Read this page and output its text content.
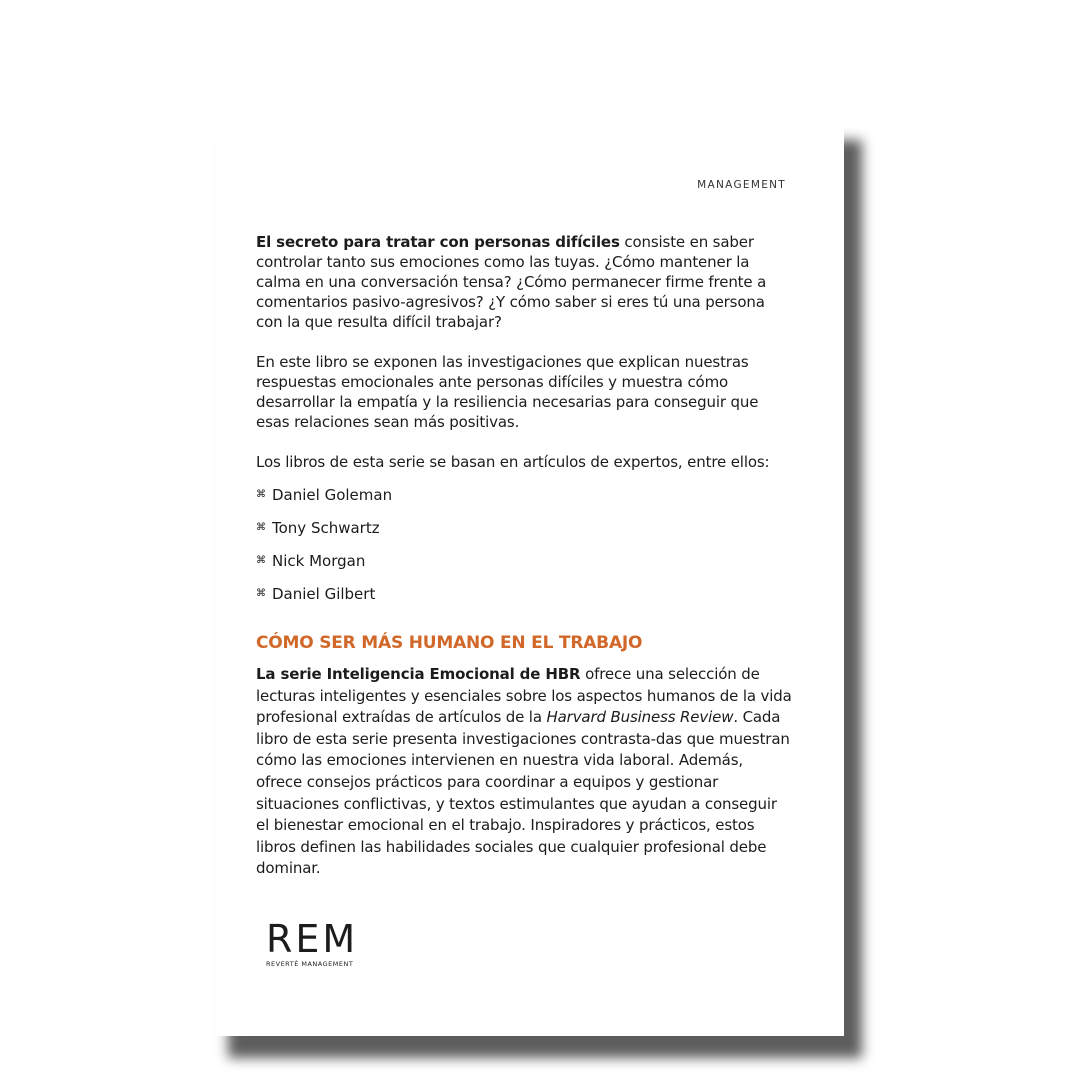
MANAGEMENT

El secreto para tratar con personas difíciles consiste en saber controlar tanto sus emociones como las tuyas. ¿Cómo mantener la calma en una conversación tensa? ¿Cómo permanecer firme frente a comentarios pasivo-agresivos? ¿Y cómo saber si eres tú una persona con la que resulta difícil trabajar?

En este libro se exponen las investigaciones que explican nuestras respuestas emocionales ante personas difíciles y muestra cómo desarrollar la empatía y la resiliencia necesarias para conseguir que esas relaciones sean más positivas.

Los libros de esta serie se basan en artículos de expertos, entre ellos:

⌘ Daniel Goleman
⌘ Tony Schwartz
⌘ Nick Morgan
⌘ Daniel Gilbert
CÓMO SER MÁS HUMANO EN EL TRABAJO

La serie Inteligencia Emocional de HBR ofrece una selección de lecturas inteligentes y esenciales sobre los aspectos humanos de la vida profesional extraídas de artículos de la Harvard Business Review. Cada libro de esta serie presenta investigaciones contrasta-das que muestran cómo las emociones intervienen en nuestra vida laboral. Además, ofrece consejos prácticos para coordinar a equipos y gestionar situaciones conflictivas, y textos estimulantes que ayudan a conseguir el bienestar emocional en el trabajo. Inspiradores y prácticos, estos libros definen las habilidades sociales que cualquier profesional debe dominar.

REM
REVERTÉ MANAGEMENT
